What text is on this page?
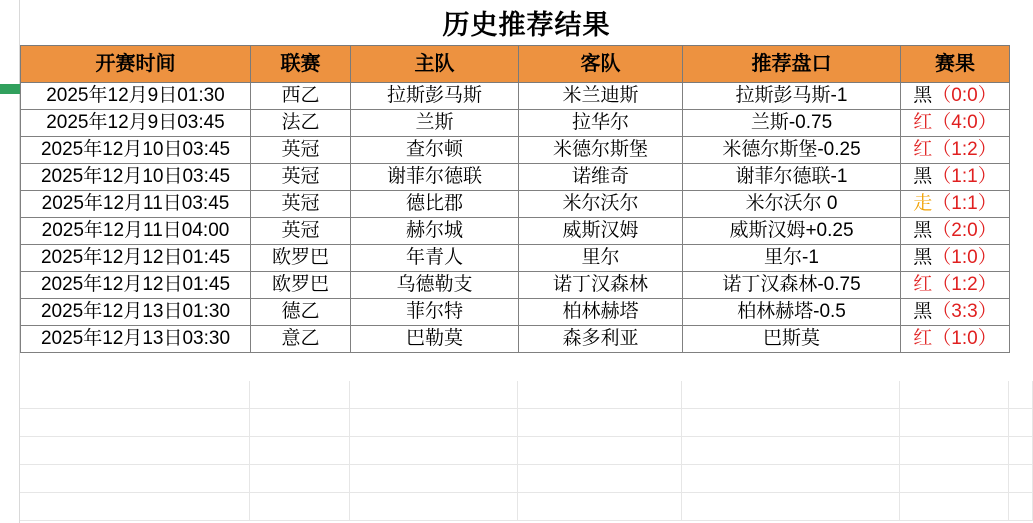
历史推荐结果
开赛时间	联赛	主队	客队	推荐盘口	赛果
2025年12月9日01:30	西乙	拉斯彭马斯	米兰迪斯	拉斯彭马斯-1	黑（0:0）
2025年12月9日03:45	法乙	兰斯	拉华尔	兰斯-0.75	红（4:0）
2025年12月10日03:45	英冠	查尔顿	米德尔斯堡	米德尔斯堡-0.25	红（1:2）
2025年12月10日03:45	英冠	谢菲尔德联	诺维奇	谢菲尔德联-1	黑（1:1）
2025年12月11日03:45	英冠	德比郡	米尔沃尔	米尔沃尔 0	走（1:1）
2025年12月11日04:00	英冠	赫尔城	威斯汉姆	威斯汉姆+0.25	黑（2:0）
2025年12月12日01:45	欧罗巴	年青人	里尔	里尔-1	黑（1:0）
2025年12月12日01:45	欧罗巴	乌德勒支	诺丁汉森林	诺丁汉森林-0.75	红（1:2）
2025年12月13日01:30	德乙	菲尔特	柏林赫塔	柏林赫塔-0.5	黑（3:3）
2025年12月13日03:30	意乙	巴勒莫	森多利亚	巴斯莫	红（1:0）
